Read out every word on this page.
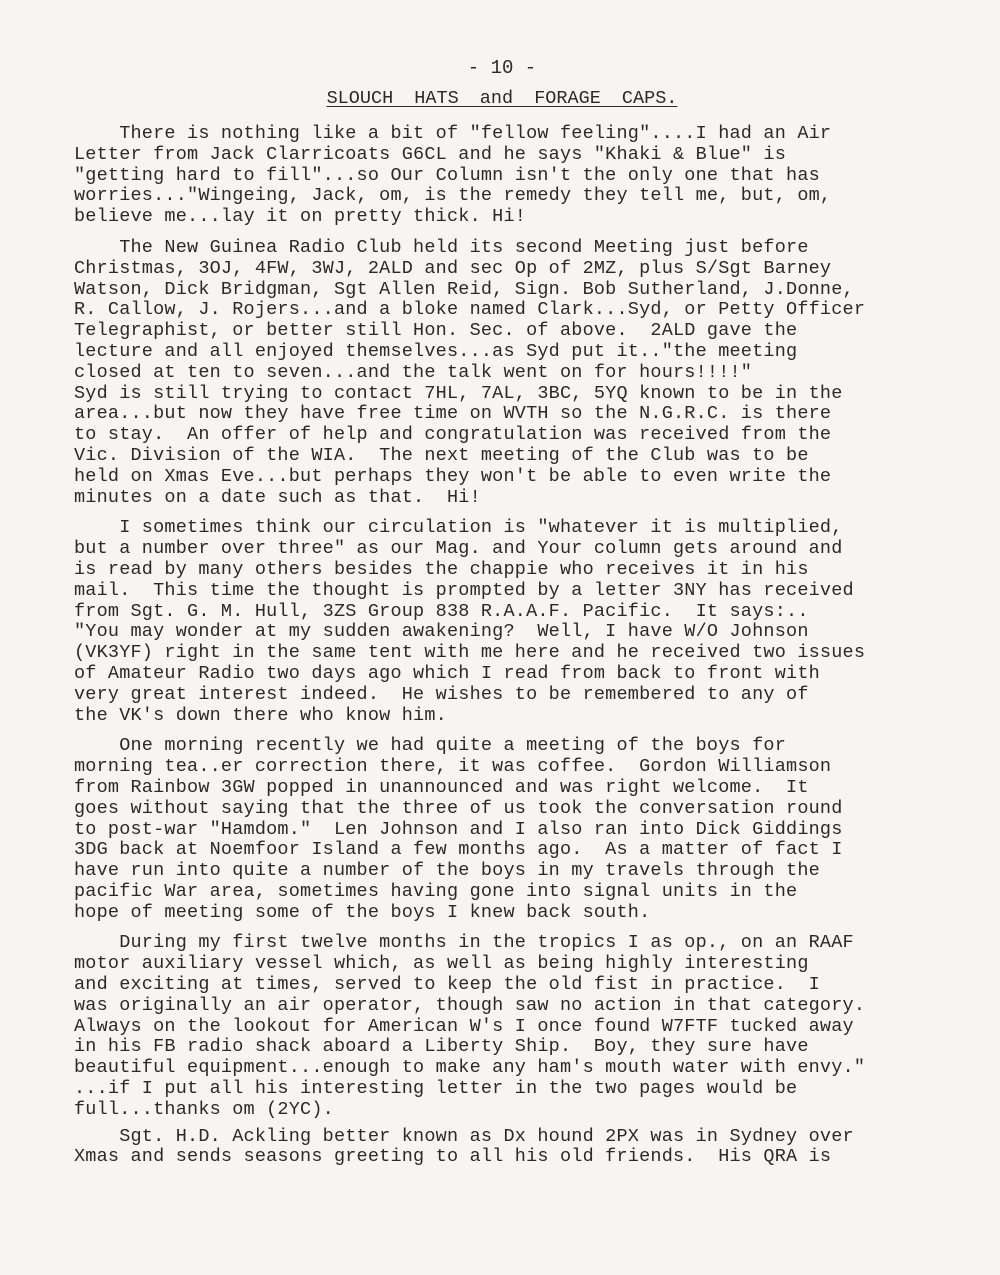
- 10 -
SLOUCH HATS and FORAGE CAPS.
There is nothing like a bit of "fellow feeling"....I had an Air
Letter from Jack Clarricoats G6CL and he says "Khaki & Blue" is
"getting hard to fill"...so Our Column isn't the only one that has
worries..."Wingeing, Jack, om, is the remedy they tell me, but, om,
believe me...lay it on pretty thick. Hi!
The New Guinea Radio Club held its second Meeting just before
Christmas, 3OJ, 4FW, 3WJ, 2ALD and sec Op of 2MZ, plus S/Sgt Barney
Watson, Dick Bridgman, Sgt Allen Reid, Sign. Bob Sutherland, J.Donne,
R. Callow, J. Rojers...and a bloke named Clark...Syd, or Petty Officer
Telegraphist, or better still Hon. Sec. of above.  2ALD gave the
lecture and all enjoyed themselves...as Syd put it.."the meeting
closed at ten to seven...and the talk went on for hours!!!!"
Syd is still trying to contact 7HL, 7AL, 3BC, 5YQ known to be in the
area...but now they have free time on WVTH so the N.G.R.C. is there
to stay.  An offer of help and congratulation was received from the
Vic. Division of the WIA.  The next meeting of the Club was to be
held on Xmas Eve...but perhaps they won't be able to even write the
minutes on a date such as that.  Hi!
I sometimes think our circulation is "whatever it is multiplied,
but a number over three" as our Mag. and Your column gets around and
is read by many others besides the chappie who receives it in his
mail.  This time the thought is prompted by a letter 3NY has received
from Sgt. G. M. Hull, 3ZS Group 838 R.A.A.F. Pacific.  It says:..
"You may wonder at my sudden awakening?  Well, I have W/O Johnson
(VK3YF) right in the same tent with me here and he received two issues
of Amateur Radio two days ago which I read from back to front with
very great interest indeed.  He wishes to be remembered to any of
the VK's down there who know him.
One morning recently we had quite a meeting of the boys for
morning tea..er correction there, it was coffee.  Gordon Williamson
from Rainbow 3GW popped in unannounced and was right welcome.  It
goes without saying that the three of us took the conversation round
to post-war "Hamdom."  Len Johnson and I also ran into Dick Giddings
3DG back at Noemfoor Island a few months ago.  As a matter of fact I
have run into quite a number of the boys in my travels through the
pacific War area, sometimes having gone into signal units in the
hope of meeting some of the boys I knew back south.
During my first twelve months in the tropics I as op., on an RAAF
motor auxiliary vessel which, as well as being highly interesting
and exciting at times, served to keep the old fist in practice.  I
was originally an air operator, though saw no action in that category.
Always on the lookout for American W's I once found W7FTF tucked away
in his FB radio shack aboard a Liberty Ship.  Boy, they sure have
beautiful equipment...enough to make any ham's mouth water with envy."
...if I put all his interesting letter in the two pages would be
full...thanks om (2YC).
Sgt. H.D. Ackling better known as Dx hound 2PX was in Sydney over
Xmas and sends seasons greeting to all his old friends.  His QRA is
